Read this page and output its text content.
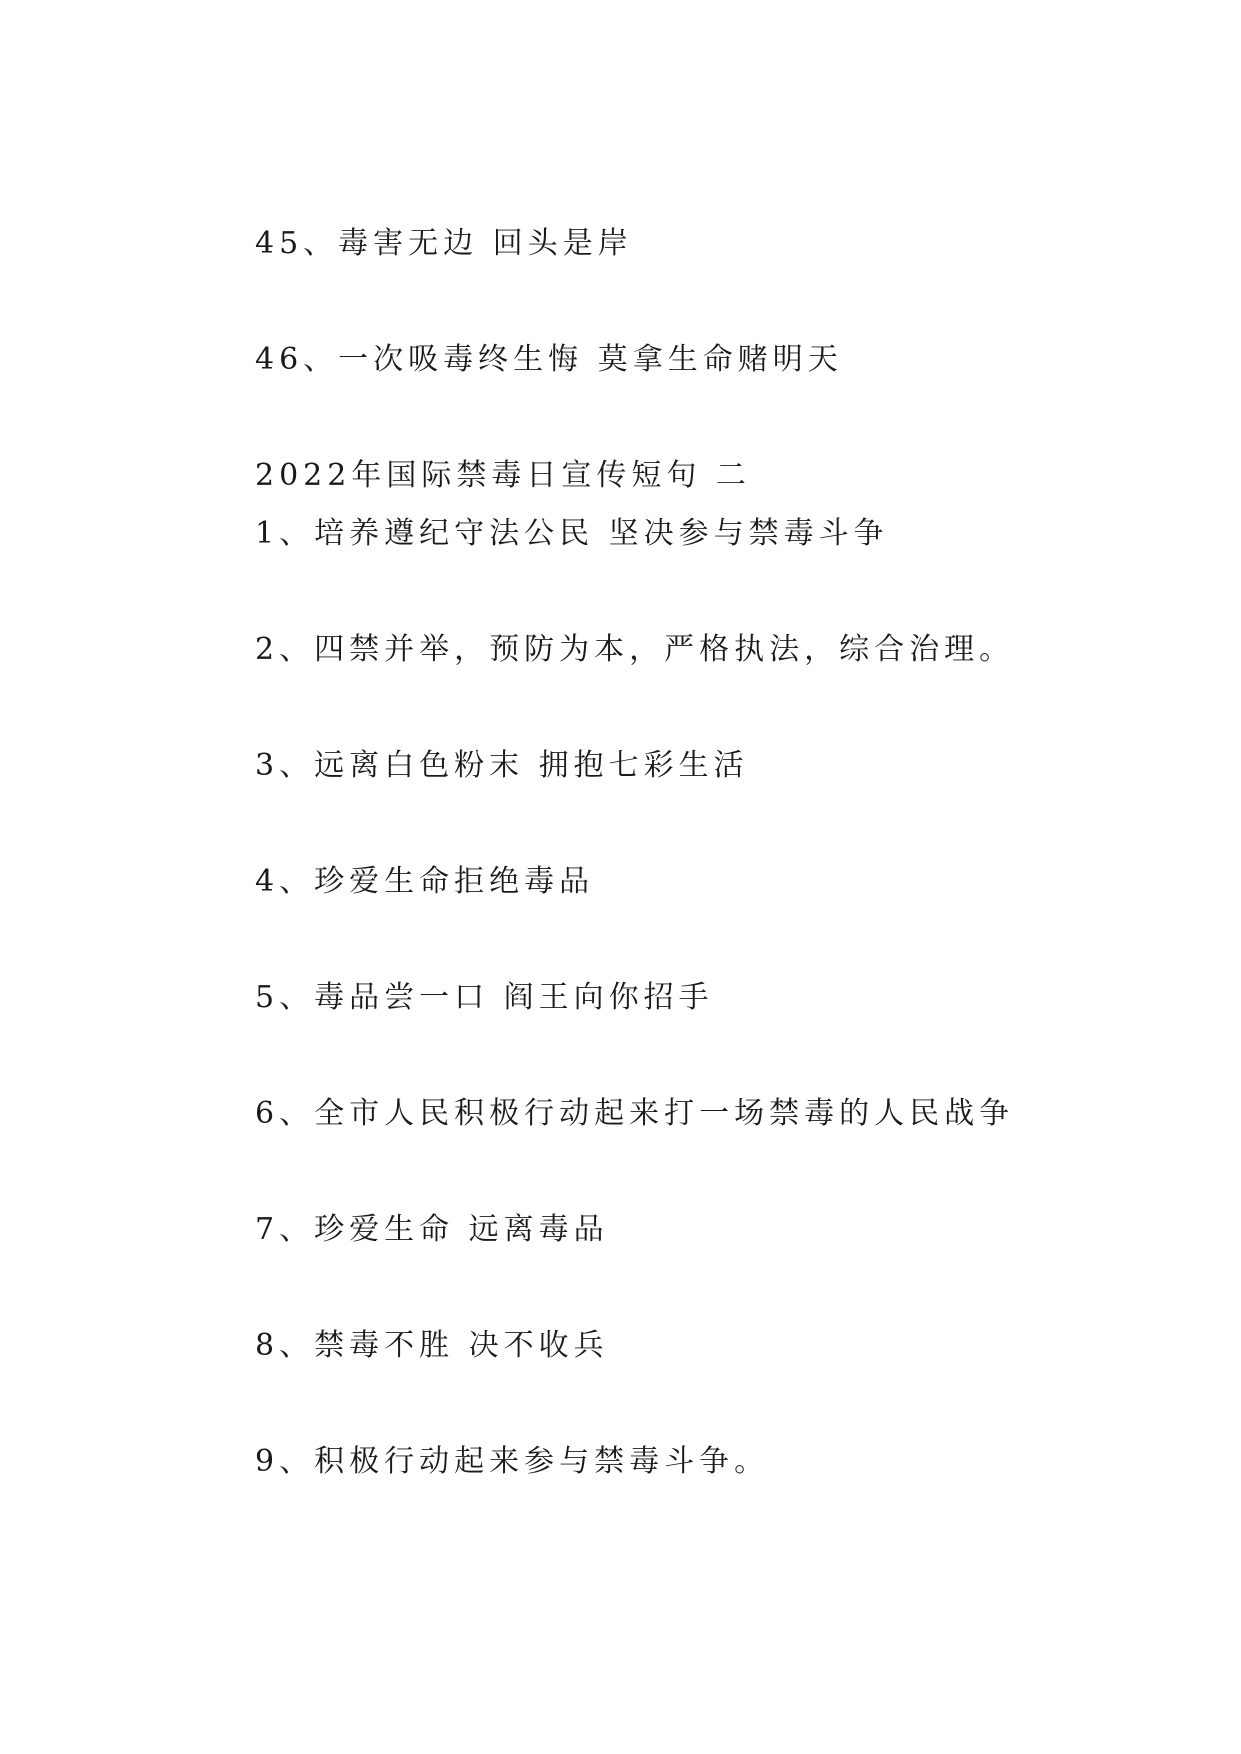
45、毒害无边 回头是岸
46、一次吸毒终生悔 莫拿生命赌明天
2022年国际禁毒日宣传短句 二
1、培养遵纪守法公民 坚决参与禁毒斗争
2、四禁并举，预防为本，严格执法，综合治理。
3、远离白色粉末 拥抱七彩生活
4、珍爱生命拒绝毒品
5、毒品尝一口 阎王向你招手
6、全市人民积极行动起来打一场禁毒的人民战争
7、珍爱生命 远离毒品
8、禁毒不胜 决不收兵
9、积极行动起来参与禁毒斗争。
